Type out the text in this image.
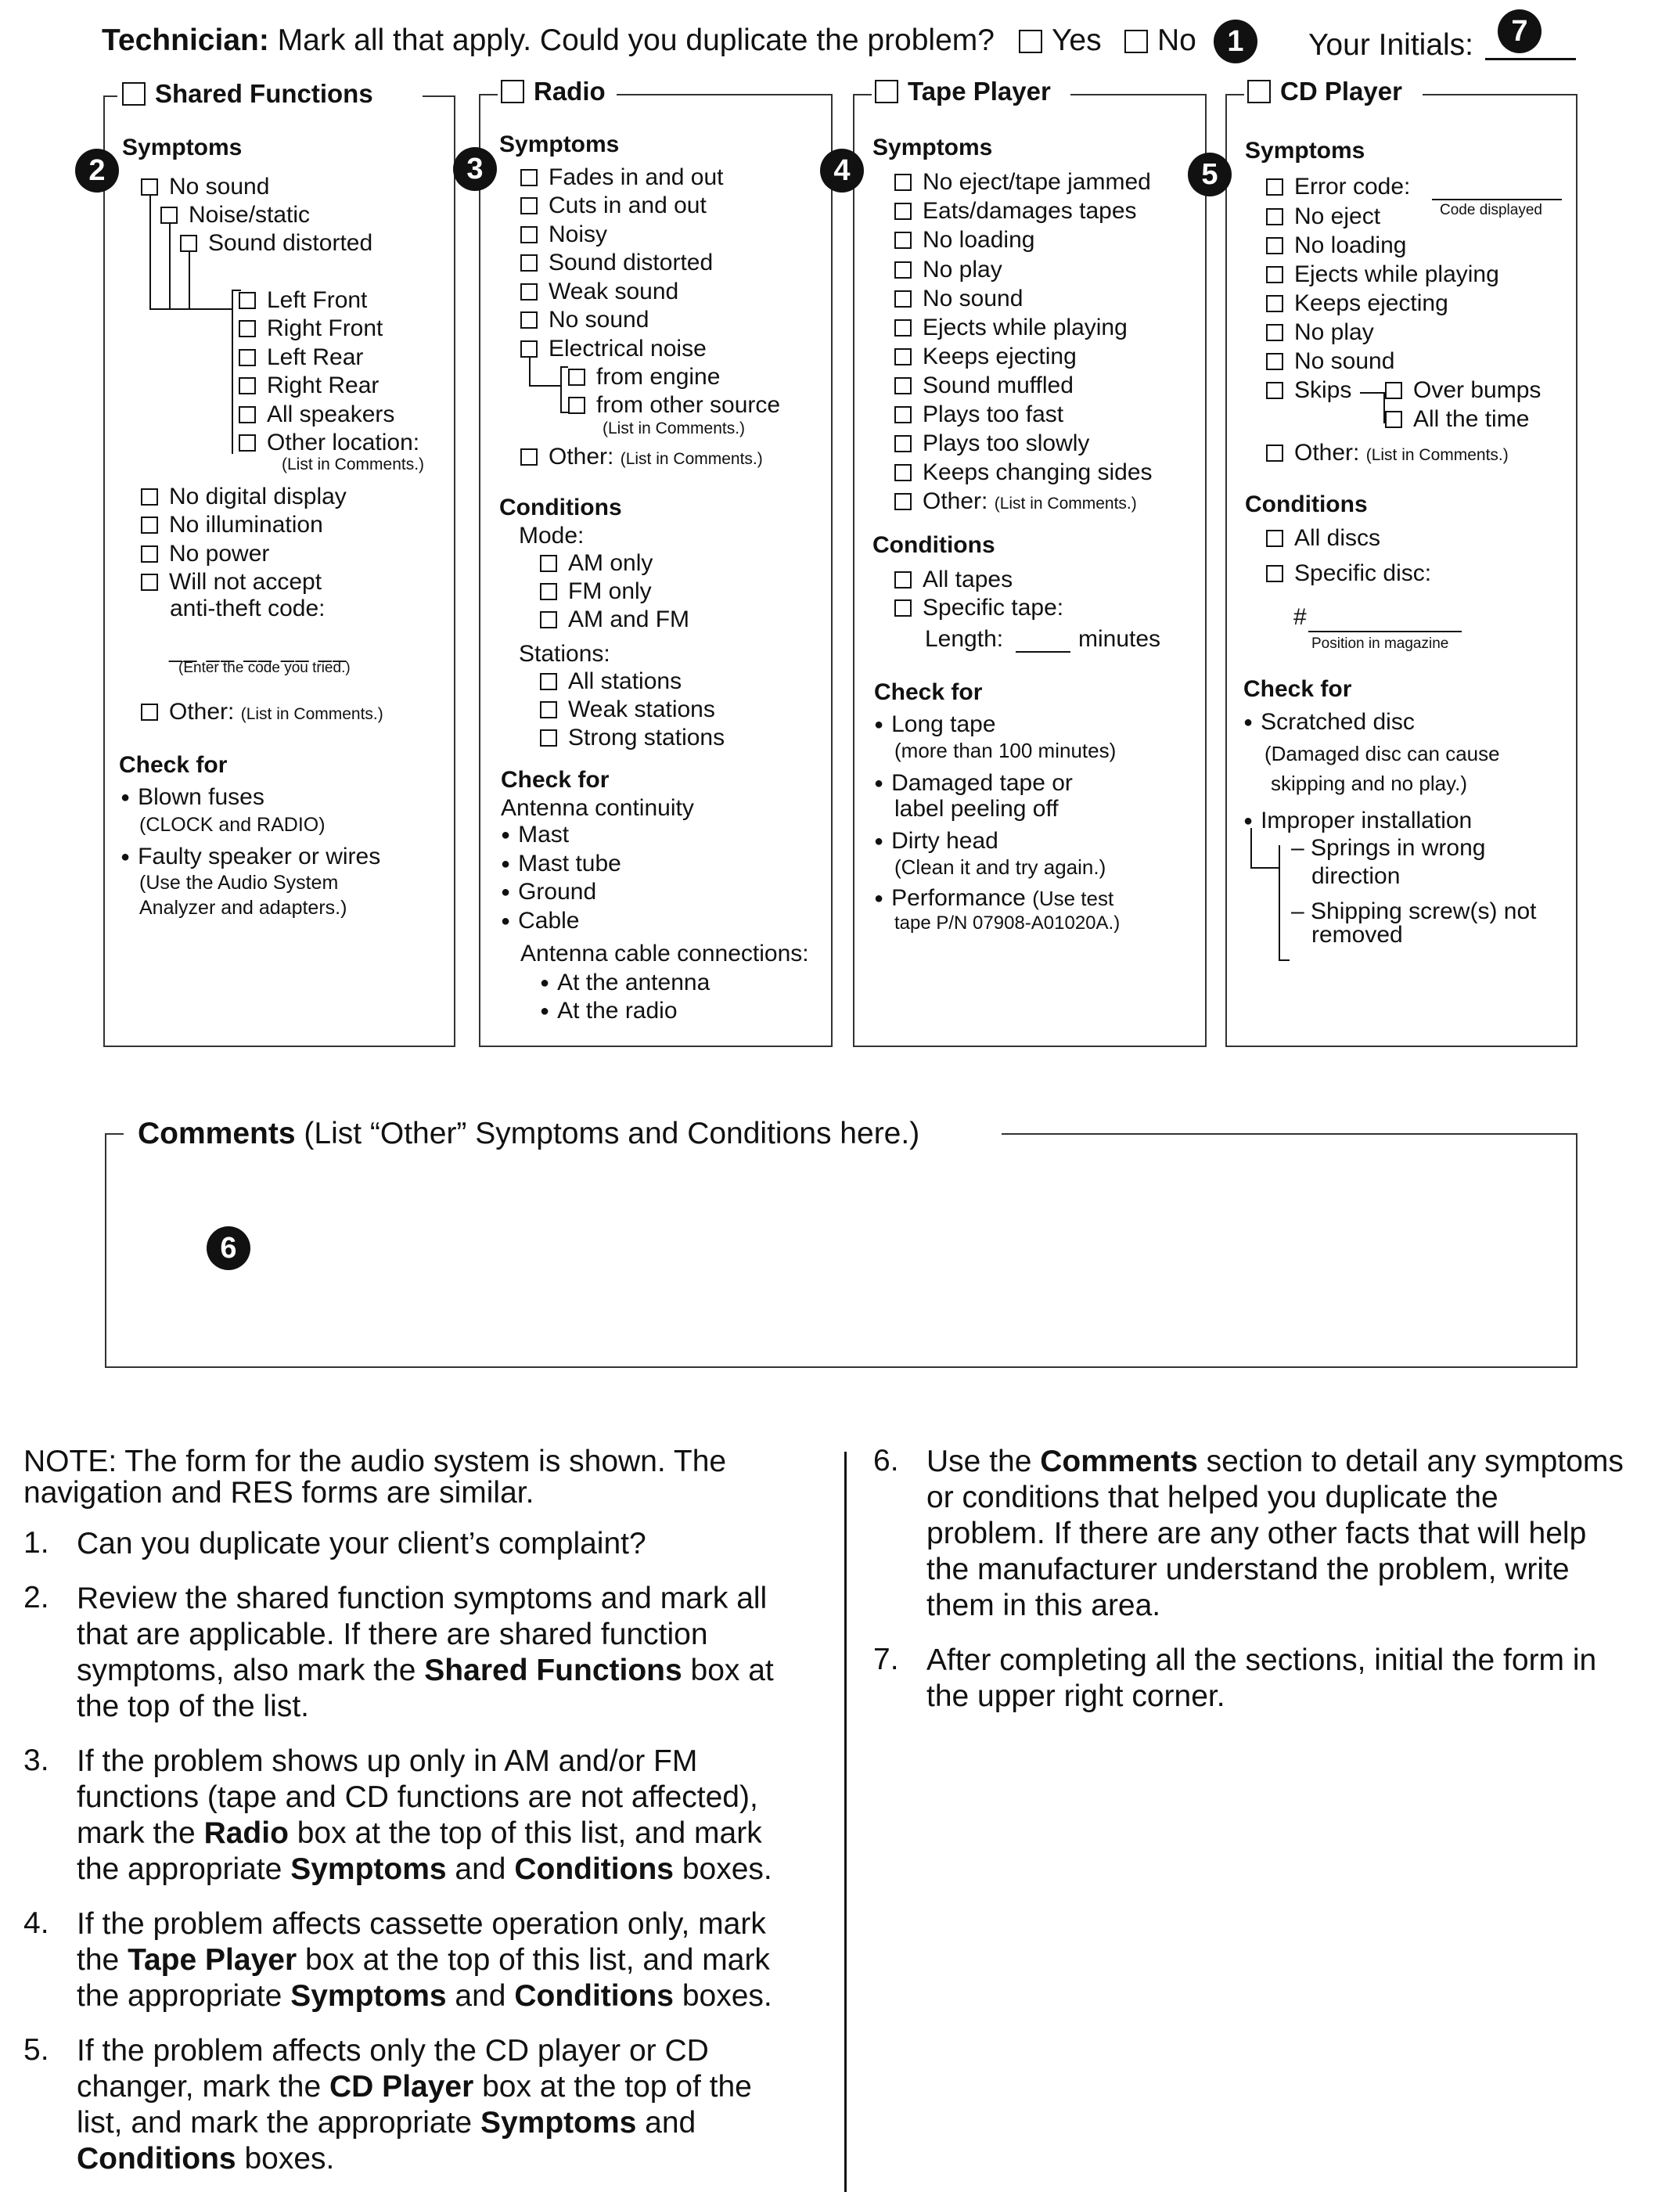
Technician: Mark all that apply. Could you duplicate the problem?	Yes	No	1	Your Initials:	7
Shared Functions	Radio	Tape Player	CD Player
2
Symptoms
No sound
Noise/static
Sound distorted
Left Front
Right Front
Left Rear
Right Rear
All speakers
Other location:
(List in Comments.)
No digital display
No illumination
No power
Will not accept
anti-theft code:
__ __ __ __ __
(Enter the code you tried.)
Other: (List in Comments.)
Check for
● Blown fuses
(CLOCK and RADIO)
● Faulty speaker or wires
(Use the Audio System
Analyzer and adapters.)
3
Symptoms
Fades in and out
Cuts in and out
Noisy
Sound distorted
Weak sound
No sound
Electrical noise
from engine
from other source
(List in Comments.)
Other: (List in Comments.)
Conditions
Mode:
AM only
FM only
AM and FM
Stations:
All stations
Weak stations
Strong stations
Check for
Antenna continuity
● Mast
● Mast tube
● Ground
● Cable
Antenna cable connections:
● At the antenna
● At the radio
4
Symptoms
No eject/tape jammed
Eats/damages tapes
No loading
No play
No sound
Ejects while playing
Keeps ejecting
Sound muffled
Plays too fast
Plays too slowly
Keeps changing sides
Other: (List in Comments.)
Conditions
All tapes
Specific tape:
Length:	minutes
Check for
● Long tape
(more than 100 minutes)
● Damaged tape or
label peeling off
● Dirty head
(Clean it and try again.)
● Performance (Use test
tape P/N 07908-A01020A.)
5
Symptoms
Error code:
Code displayed
No eject
No loading
Ejects while playing
Keeps ejecting
No play
No sound
Skips	Over bumps
All the time
Other: (List in Comments.)
Conditions
All discs
Specific disc:
#
Position in magazine
Check for
● Scratched disc
(Damaged disc can cause
skipping and no play.)
● Improper installation
– Springs in wrong
direction
– Shipping screw(s) not
removed
Comments (List “Other” Symptoms and Conditions here.)
6
NOTE: The form for the audio system is shown. The
navigation and RES forms are similar.
1. Can you duplicate your client’s complaint?
2. Review the shared function symptoms and mark all
that are applicable. If there are shared function
symptoms, also mark the Shared Functions box at
the top of the list.
3. If the problem shows up only in AM and/or FM
functions (tape and CD functions are not affected),
mark the Radio box at the top of this list, and mark
the appropriate Symptoms and Conditions boxes.
4. If the problem affects cassette operation only, mark
the Tape Player box at the top of this list, and mark
the appropriate Symptoms and Conditions boxes.
5. If the problem affects only the CD player or CD
changer, mark the CD Player box at the top of the
list, and mark the appropriate Symptoms and
Conditions boxes.
6. Use the Comments section to detail any symptoms
or conditions that helped you duplicate the
problem. If there are any other facts that will help
the manufacturer understand the problem, write
them in this area.
7. After completing all the sections, initial the form in
the upper right corner.
